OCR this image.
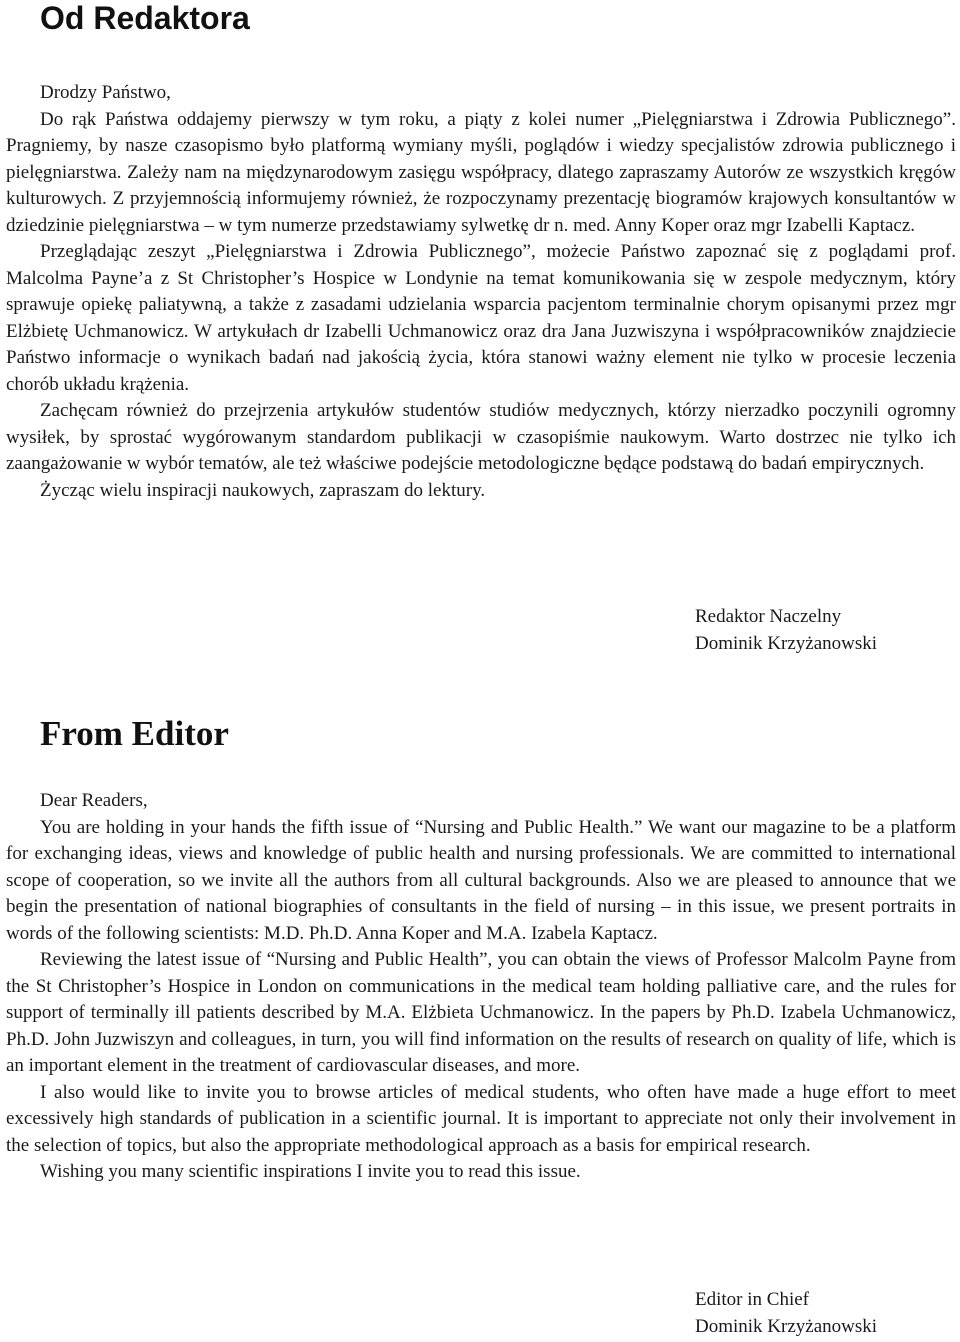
Od Redaktora

Drodzy Państwo,

Do rąk Państwa oddajemy pierwszy w tym roku, a piąty z kolei numer „Pielęgniarstwa i Zdrowia Publicznego”. Pragniemy, by nasze czasopismo było platformą wymiany myśli, poglądów i wiedzy specjalistów zdrowia publicznego i pielęgniarstwa. Zależy nam na międzynarodowym zasięgu współpracy, dlatego zapraszamy Autorów ze wszystkich kręgów kulturowych. Z przyjemnością informujemy również, że rozpoczynamy prezentację biogramów krajowych konsultantów w dziedzinie pielęgniarstwa – w tym numerze przedstawiamy sylwetkę dr n. med. Anny Koper oraz mgr Izabelli Kaptacz.

Przeglądając zeszyt „Pielęgniarstwa i Zdrowia Publicznego”, możecie Państwo zapoznać się z poglądami prof. Malcolma Payne’a z St Christopher’s Hospice w Londynie na temat komunikowania się w zespole medycznym, który sprawuje opiekę paliatywną, a także z zasadami udzielania wsparcia pacjentom terminalnie chorym opisanymi przez mgr Elżbietę Uchmanowicz. W artykułach dr Izabelli Uchmanowicz oraz dra Jana Juzwiszyna i współpracowników znajdziecie Państwo informacje o wynikach badań nad jakością życia, która stanowi ważny element nie tylko w procesie leczenia chorób układu krążenia.

Zachęcam również do przejrzenia artykułów studentów studiów medycznych, którzy nierzadko poczynili ogromny wysiłek, by sprostać wygórowanym standardom publikacji w czasopiśmie naukowym. Warto dostrzec nie tylko ich zaangażowanie w wybór tematów, ale też właściwe podejście metodologiczne będące podstawą do badań empirycznych.

Życząc wielu inspiracji naukowych, zapraszam do lektury.

Redaktor Naczelny
Dominik Krzyżanowski
From Editor

Dear Readers,

You are holding in your hands the fifth issue of “Nursing and Public Health.” We want our magazine to be a platform for exchanging ideas, views and knowledge of public health and nursing professionals. We are committed to international scope of cooperation, so we invite all the authors from all cultural backgrounds. Also we are pleased to announce that we begin the presentation of national biographies of consultants in the field of nursing – in this issue, we present portraits in words of the following scientists: M.D. Ph.D. Anna Koper and M.A. Izabela Kaptacz.

Reviewing the latest issue of “Nursing and Public Health”, you can obtain the views of Professor Malcolm Payne from the St Christopher’s Hospice in London on communications in the medical team holding palliative care, and the rules for support of terminally ill patients described by M.A. Elżbieta Uchmanowicz. In the papers by Ph.D. Izabela Uchmanowicz, Ph.D. John Juzwiszyn and colleagues, in turn, you will find information on the results of research on quality of life, which is an important element in the treatment of cardiovascular diseases, and more.

I also would like to invite you to browse articles of medical students, who often have made a huge effort to meet excessively high standards of publication in a scientific journal. It is important to appreciate not only their involvement in the selection of topics, but also the appropriate methodological approach as a basis for empirical research.

Wishing you many scientific inspirations I invite you to read this issue.

Editor in Chief
Dominik Krzyżanowski
